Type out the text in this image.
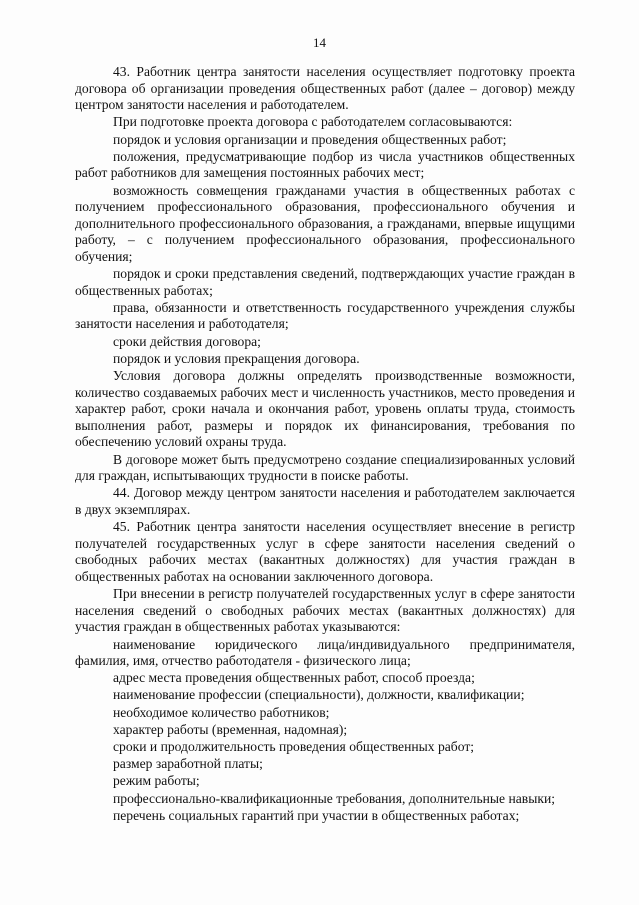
14

43. Работник центра занятости населения осуществляет подготовку проекта договора об организации проведения общественных работ (далее – договор) между центром занятости населения и работодателем.

При подготовке проекта договора с работодателем согласовываются:

порядок и условия организации и проведения общественных работ;

положения, предусматривающие подбор из числа участников общественных работ работников для замещения постоянных рабочих мест;

возможность совмещения гражданами участия в общественных работах с получением профессионального образования, профессионального обучения и дополнительного профессионального образования, а гражданами, впервые ищущими работу, – с получением профессионального образования, профессионального обучения;

порядок и сроки представления сведений, подтверждающих участие граждан в общественных работах;

права, обязанности и ответственность государственного учреждения службы занятости населения и работодателя;

сроки действия договора;

порядок и условия прекращения договора.

Условия договора должны определять производственные возможности, количество создаваемых рабочих мест и численность участников, место проведения и характер работ, сроки начала и окончания работ, уровень оплаты труда, стоимость выполнения работ, размеры и порядок их финансирования, требования по обеспечению условий охраны труда.

В договоре может быть предусмотрено создание специализированных условий для граждан, испытывающих трудности в поиске работы.

44. Договор между центром занятости населения и работодателем заключается в двух экземплярах.

45. Работник центра занятости населения осуществляет внесение в регистр получателей государственных услуг в сфере занятости населения сведений о свободных рабочих местах (вакантных должностях) для участия граждан в общественных работах на основании заключенного договора.

При внесении в регистр получателей государственных услуг в сфере занятости населения сведений о свободных рабочих местах (вакантных должностях) для участия граждан в общественных работах указываются:

наименование юридического лица/индивидуального предпринимателя, фамилия, имя, отчество работодателя - физического лица;

адрес места проведения общественных работ, способ проезда;

наименование профессии (специальности), должности, квалификации;

необходимое количество работников;

характер работы (временная, надомная);

сроки и продолжительность проведения общественных работ;

размер заработной платы;

режим работы;

профессионально-квалификационные требования, дополнительные навыки;

перечень социальных гарантий при участии в общественных работах;
